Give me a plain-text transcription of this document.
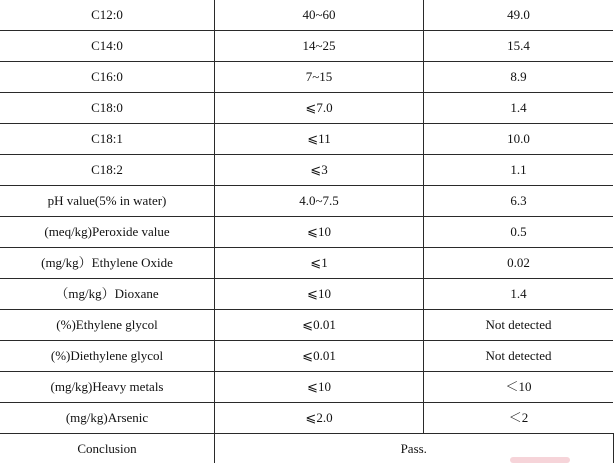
C12:0	40~60	49.0
C14:0	14~25	15.4
C16:0	7~15	8.9
C18:0	⩽7.0	1.4
C18:1	⩽11	10.0
C18:2	⩽3	1.1
pH value(5% in water)	4.0~7.5	6.3
(meq/kg)Peroxide value	⩽10	0.5
(mg/kg）Ethylene Oxide	⩽1	0.02
（mg/kg）Dioxane	⩽10	1.4
(%)Ethylene glycol	⩽0.01	Not detected
(%)Diethylene glycol	⩽0.01	Not detected
(mg/kg)Heavy metals	⩽10	＜10
(mg/kg)Arsenic	⩽2.0	＜2
Conclusion	Pass.	
